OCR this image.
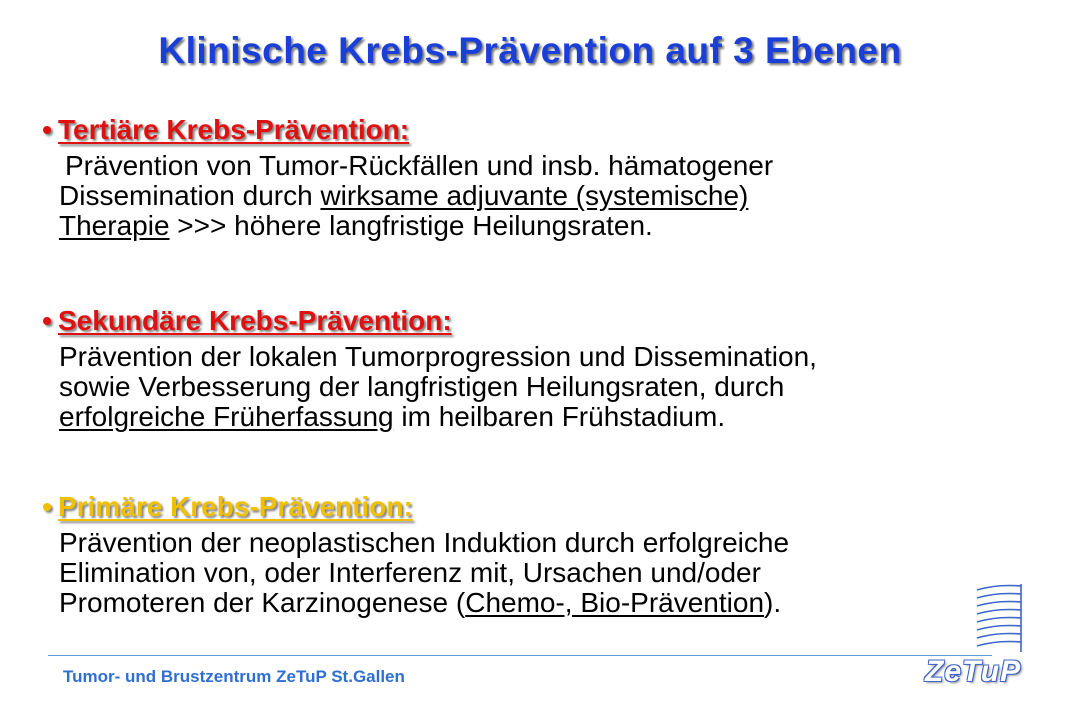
Klinische Krebs-Prävention auf 3 Ebenen
• Tertiäre Krebs-Prävention:
Prävention von Tumor-Rückfällen und insb. hämatogener
Dissemination durch wirksame adjuvante (systemische)
Therapie >>> höhere langfristige Heilungsraten.
• Sekundäre Krebs-Prävention:
Prävention der lokalen Tumorprogression und Dissemination,
sowie Verbesserung der langfristigen Heilungsraten, durch
erfolgreiche Früherfassung im heilbaren Frühstadium.
• Primäre Krebs-Prävention:
Prävention der neoplastischen Induktion durch erfolgreiche
Elimination von, oder Interferenz mit, Ursachen und/oder
Promoteren der Karzinogenese (Chemo-, Bio-Prävention).
Tumor- und Brustzentrum ZeTuP St.Gallen	ZeTuP
